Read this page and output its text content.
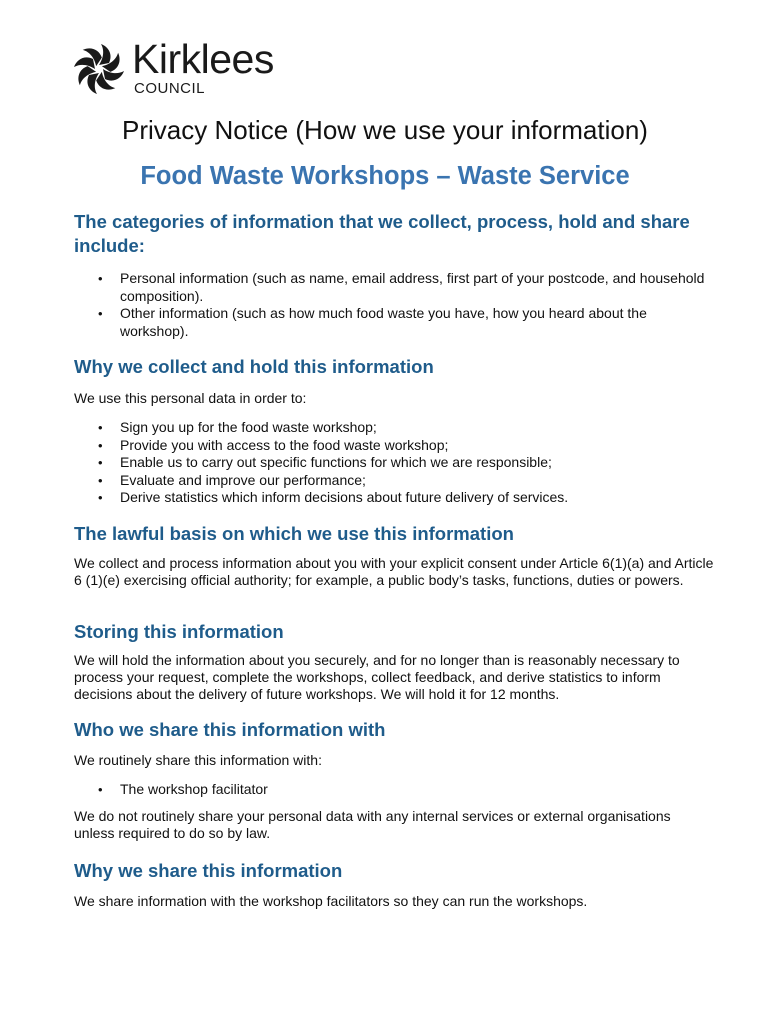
Kirklees
COUNCIL
Privacy Notice (How we use your information)
Food Waste Workshops – Waste Service
The categories of information that we collect, process, hold and share include:
• Personal information (such as name, email address, first part of your postcode, and household composition).
• Other information (such as how much food waste you have, how you heard about the workshop).
Why we collect and hold this information

We use this personal data in order to:

• Sign you up for the food waste workshop;
• Provide you with access to the food waste workshop;
• Enable us to carry out specific functions for which we are responsible;
• Evaluate and improve our performance;
• Derive statistics which inform decisions about future delivery of services.
The lawful basis on which we use this information

We collect and process information about you with your explicit consent under Article 6(1)(a) and Article 6 (1)(e) exercising official authority; for example, a public body’s tasks, functions, duties or powers.

Storing this information

We will hold the information about you securely, and for no longer than is reasonably necessary to process your request, complete the workshops, collect feedback, and derive statistics to inform decisions about the delivery of future workshops. We will hold it for 12 months.

Who we share this information with

We routinely share this information with:

• The workshop facilitator

We do not routinely share your personal data with any internal services or external organisations unless required to do so by law.

Why we share this information

We share information with the workshop facilitators so they can run the workshops.
